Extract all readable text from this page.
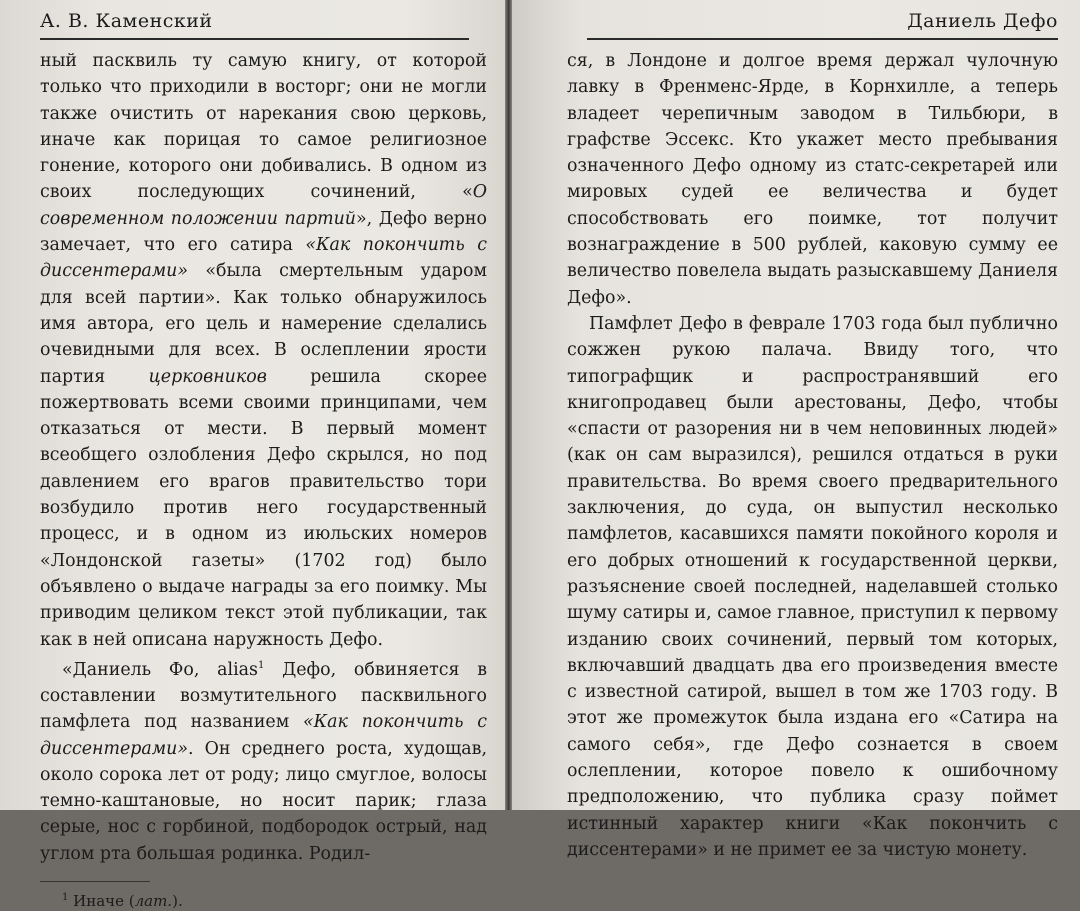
А. В. Каменский

ный пасквиль ту самую книгу, от которой только что приходили в восторг; они не могли также очистить от нарекания свою церковь, иначе как порицая то самое религиозное гонение, которого они добивались. В одном из своих последующих сочинений, «О современном положении партий», Дефо верно замечает, что его сатира «Как покончить с диссентерами» «была смертельным ударом для всей партии». Как только обнаружилось имя автора, его цель и намерение сделались очевидными для всех. В ослеплении ярости партия церковников решила скорее пожертвовать всеми своими принципами, чем отказаться от мести. В первый момент всеобщего озлобления Дефо скрылся, но под давлением его врагов правительство тори возбудило против него государственный процесс, и в одном из июльских номеров «Лондонской газеты» (1702 год) было объявлено о выдаче награды за его поимку. Мы приводим целиком текст этой публикации, так как в ней описана наружность Дефо.

«Даниель Фо, alias$^1$ Дефо, обвиняется в составлении возмутительного пасквильного памфлета под названием «Как покончить с диссентерами». Он среднего роста, худощав, около сорока лет от роду; лицо смуглое, волосы темно-каштановые, но носит парик; глаза серые, нос с горбиной, подбородок острый, над углом рта большая родинка. Родил-

$^1$ Иначе (лат.).
Даниель Дефо

ся, в Лондоне и долгое время держал чулочную лавку в Френменс-Ярде, в Корнхилле, а теперь владеет черепичным заводом в Тильбюри, в графстве Эссекс. Кто укажет место пребывания означенного Дефо одному из статс-секретарей или мировых судей ее величества и будет способствовать его поимке, тот получит вознаграждение в 500 рублей, каковую сумму ее величество повелела выдать разыскавшему Даниеля Дефо».

Памфлет Дефо в феврале 1703 года был публично сожжен рукою палача. Ввиду того, что типографщик и распространявший его книгопродавец были арестованы, Дефо, чтобы «спасти от разорения ни в чем неповинных людей» (как он сам выразился), решился отдаться в руки правительства. Во время своего предварительного заключения, до суда, он выпустил несколько памфлетов, касавшихся памяти покойного короля и его добрых отношений к государственной церкви, разъяснение своей последней, наделавшей столько шуму сатиры и, самое главное, приступил к первому изданию своих сочинений, первый том которых, включавший двадцать два его произведения вместе с известной сатирой, вышел в том же 1703 году. В этот же промежуток была издана его «Сатира на самого себя», где Дефо сознается в своем ослеплении, которое повело к ошибочному предположению, что публика сразу поймет истинный характер книги «Как покончить с диссентерами» и не примет ее за чистую монету.
